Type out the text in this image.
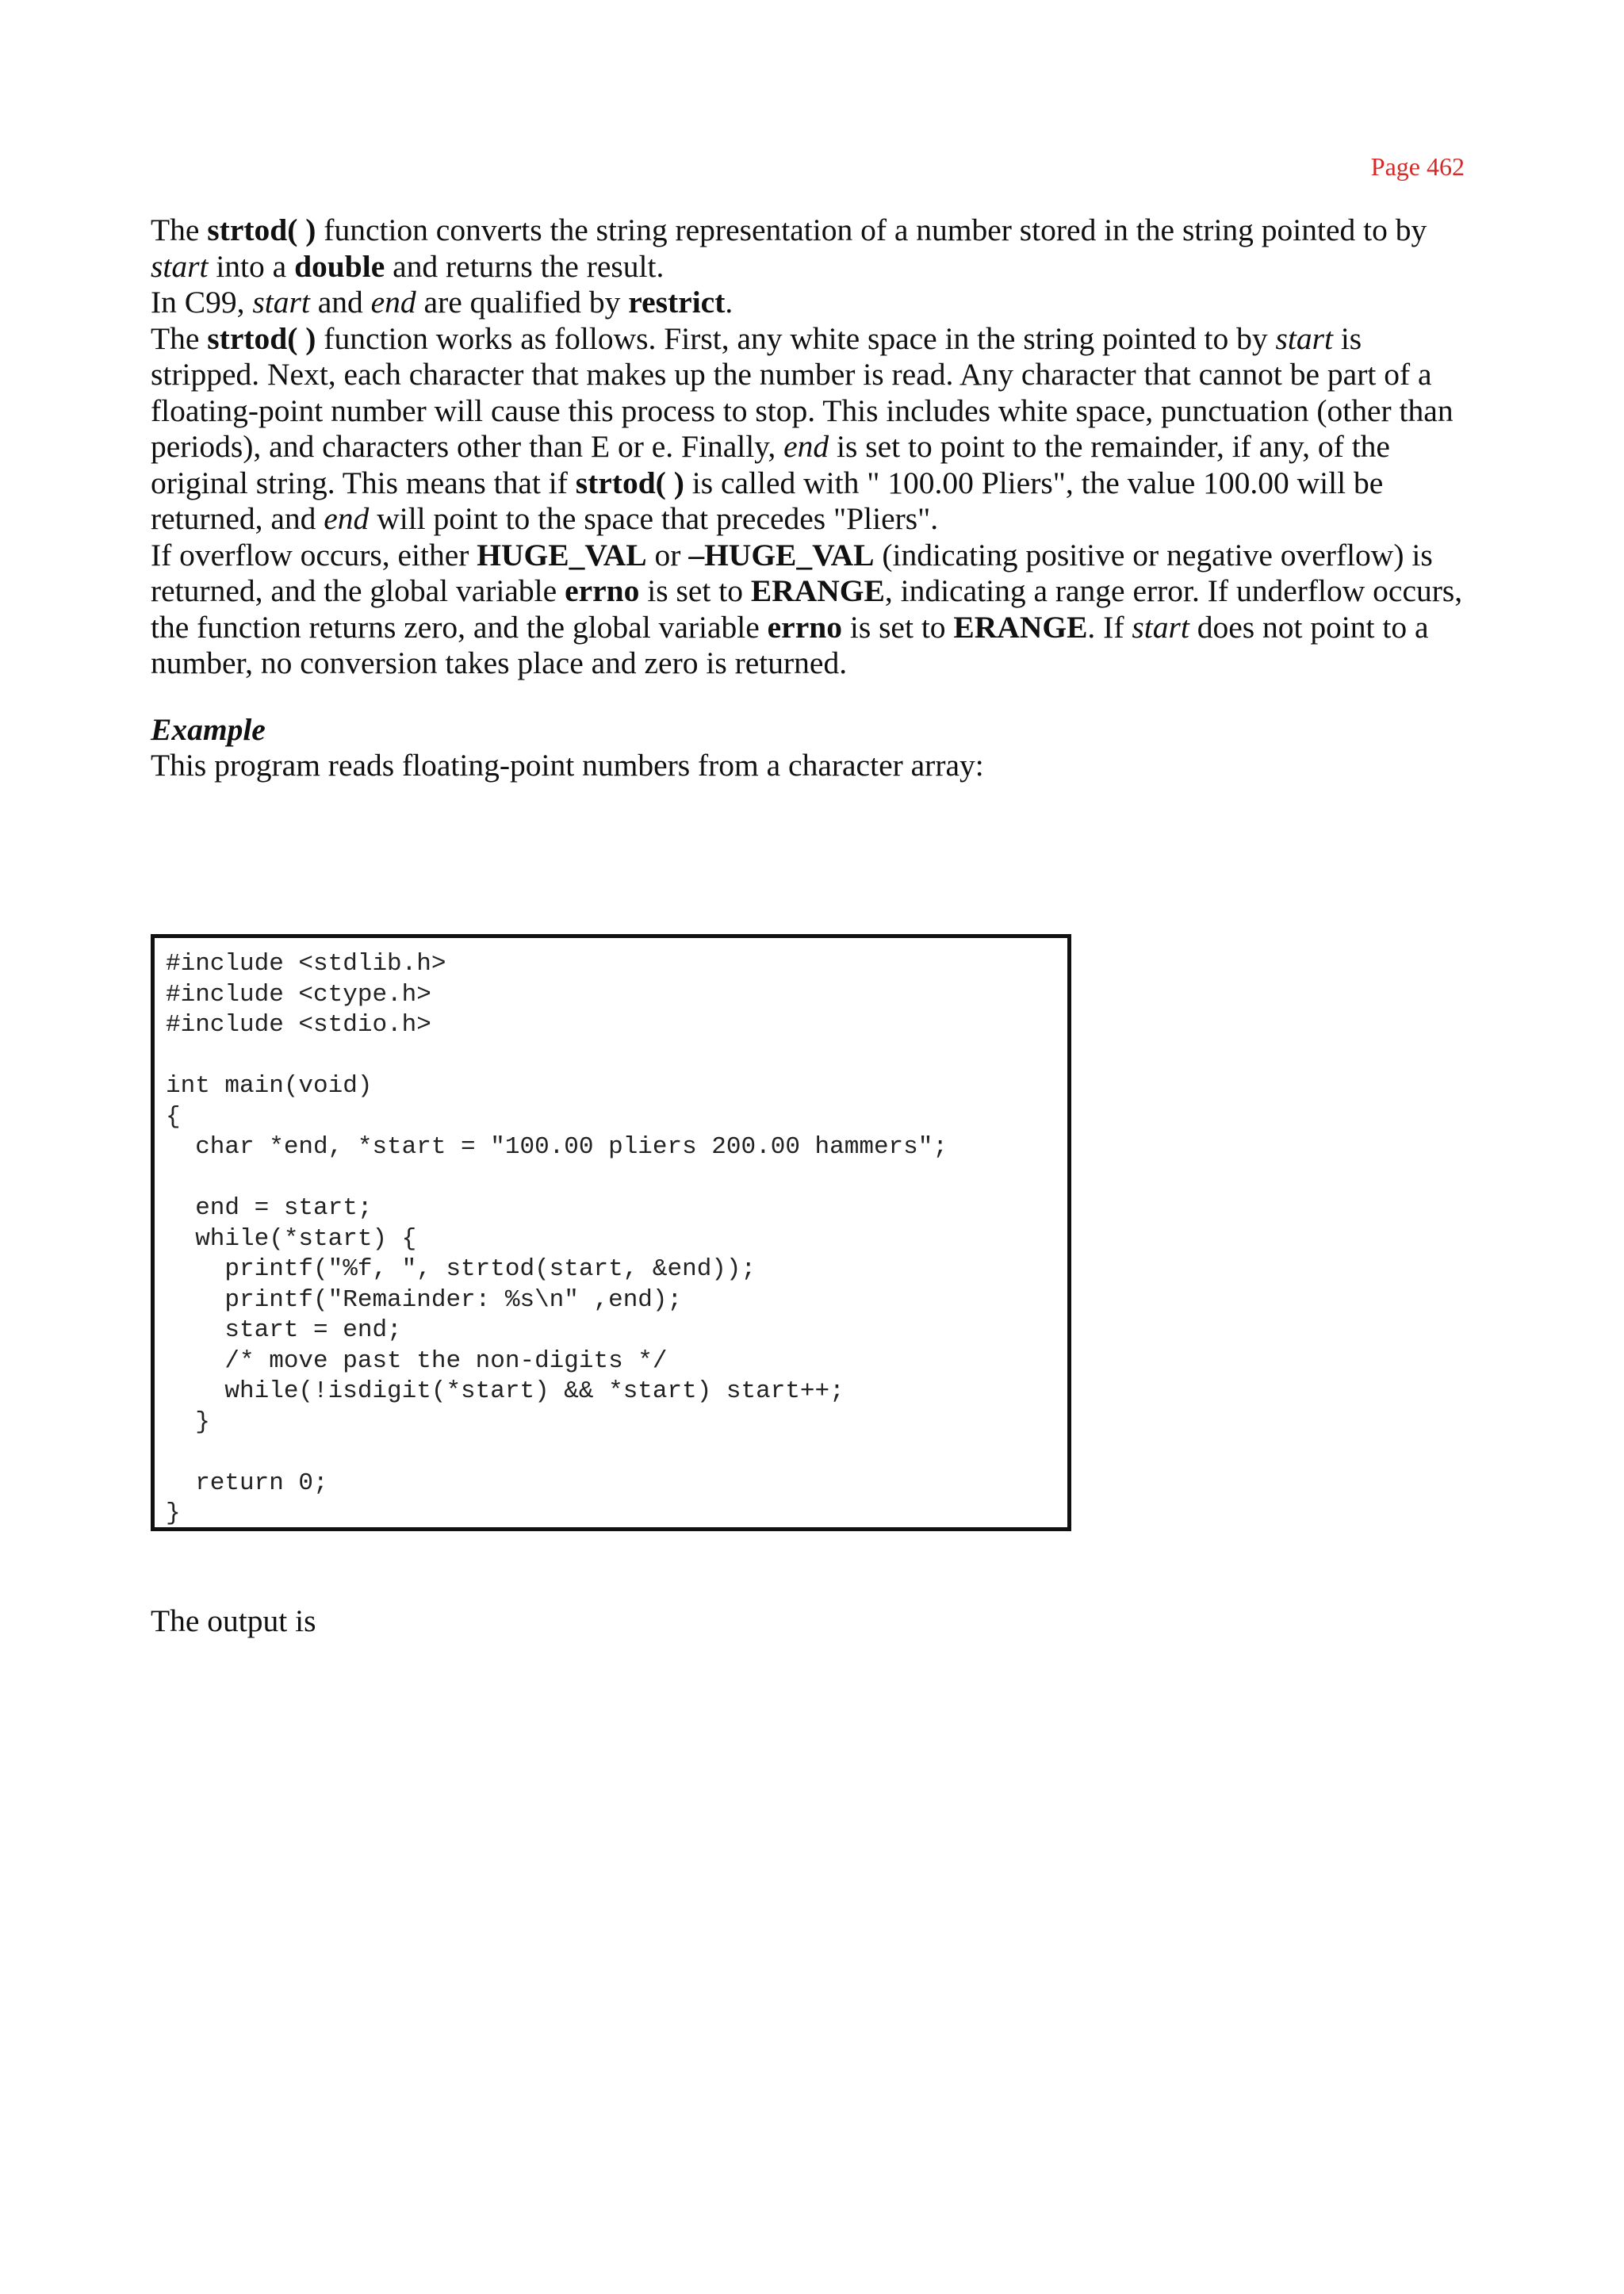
Page 462

The strtod( ) function converts the string representation of a number stored in the string pointed to by start into a double and returns the result.

In C99, start and end are qualified by restrict.

The strtod( ) function works as follows. First, any white space in the string pointed to by start is stripped. Next, each character that makes up the number is read. Any character that cannot be part of a floating-point number will cause this process to stop. This includes white space, punctuation (other than periods), and characters other than E or e. Finally, end is set to point to the remainder, if any, of the original string. This means that if strtod( ) is called with " 100.00 Pliers", the value 100.00 will be returned, and end will point to the space that precedes "Pliers".

If overflow occurs, either HUGE_VAL or –HUGE_VAL (indicating positive or negative overflow) is returned, and the global variable errno is set to ERANGE, indicating a range error. If underflow occurs, the function returns zero, and the global variable errno is set to ERANGE. If start does not point to a number, no conversion takes place and zero is returned.

Example

This program reads floating-point numbers from a character array:

#include <stdlib.h>
#include <ctype.h>
#include <stdio.h>
int main(void)
{
char *end, *start = "100.00 pliers 200.00 hammers";
end = start;
while(*start) {
printf("%f, ", strtod(start, &end));
printf("Remainder: %s\n" ,end);
start = end;
/* move past the non-digits */
while(!isdigit(*start) && *start) start++;
}
return 0;
}
The output is
